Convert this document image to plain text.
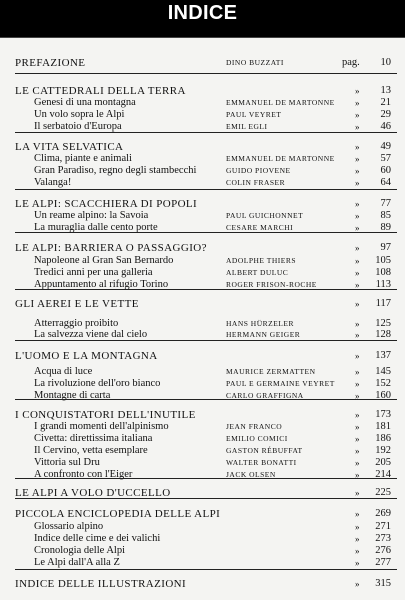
INDICE
PREFAZIONE	DINO BUZZATI	pag. 10
LE CATTEDRALI DELLA TERRA	» 13
Genesi di una montagna	EMMANUEL DE MARTONNE » 21
Un volo sopra le Alpi	PAUL VEYRET	» 29
Il serbatoio d'Europa	EMIL EGLI	» 46
LA VITA SELVATICA	» 49
Clima, piante e animali	EMMANUEL DE MARTONNE » 57
Gran Paradiso, regno degli stambecchi	GUIDO PIOVENE	» 60
Valanga!	COLIN FRASER	» 64
LE ALPI: SCACCHIERA DI POPOLI	» 77
Un reame alpino: la Savoia	PAUL GUICHONNET	» 85
La muraglia dalle cento porte	CESARE MARCHI	» 89
LE ALPI: BARRIERA O PASSAGGIO?	» 97
Napoleone al Gran San Bernardo	ADOLPHE THIERS	» 105
Tredici anni per una galleria	ALBERT DULUC	» 108
Appuntamento al rifugio Torino	ROGER FRISON-ROCHE	» 113
GLI AEREI E LE VETTE	» 117
Atterraggio proibito	HANS HÜRZELER	» 125
La salvezza viene dal cielo	HERMANN GEIGER	» 128
L'UOMO E LA MONTAGNA	» 137
Acqua di luce	MAURICE ZERMATTEN	» 145
La rivoluzione dell'oro bianco	PAUL E GERMAINE VEYRET » 152
Montagne di carta	CARLO GRAFFIGNA	» 160
I CONQUISTATORI DELL'INUTILE	» 173
I grandi momenti dell'alpinismo	JEAN FRANCO	» 181
Civetta: direttissima italiana	EMILIO COMICI	» 186
Il Cervino, vetta esemplare	GASTON RÉBUFFAT	» 192
Vittoria sul Dru	WALTER BONATTI	» 205
A confronto con l'Eiger	JACK OLSEN	» 214
LE ALPI A VOLO D'UCCELLO	» 225
PICCOLA ENCICLOPEDIA DELLE ALPI	» 269
Glossario alpino	» 271
Indice delle cime e dei valichi	» 273
Cronologia delle Alpi	» 276
Le Alpi dall'A alla Z	» 277
INDICE DELLE ILLUSTRAZIONI	» 315
